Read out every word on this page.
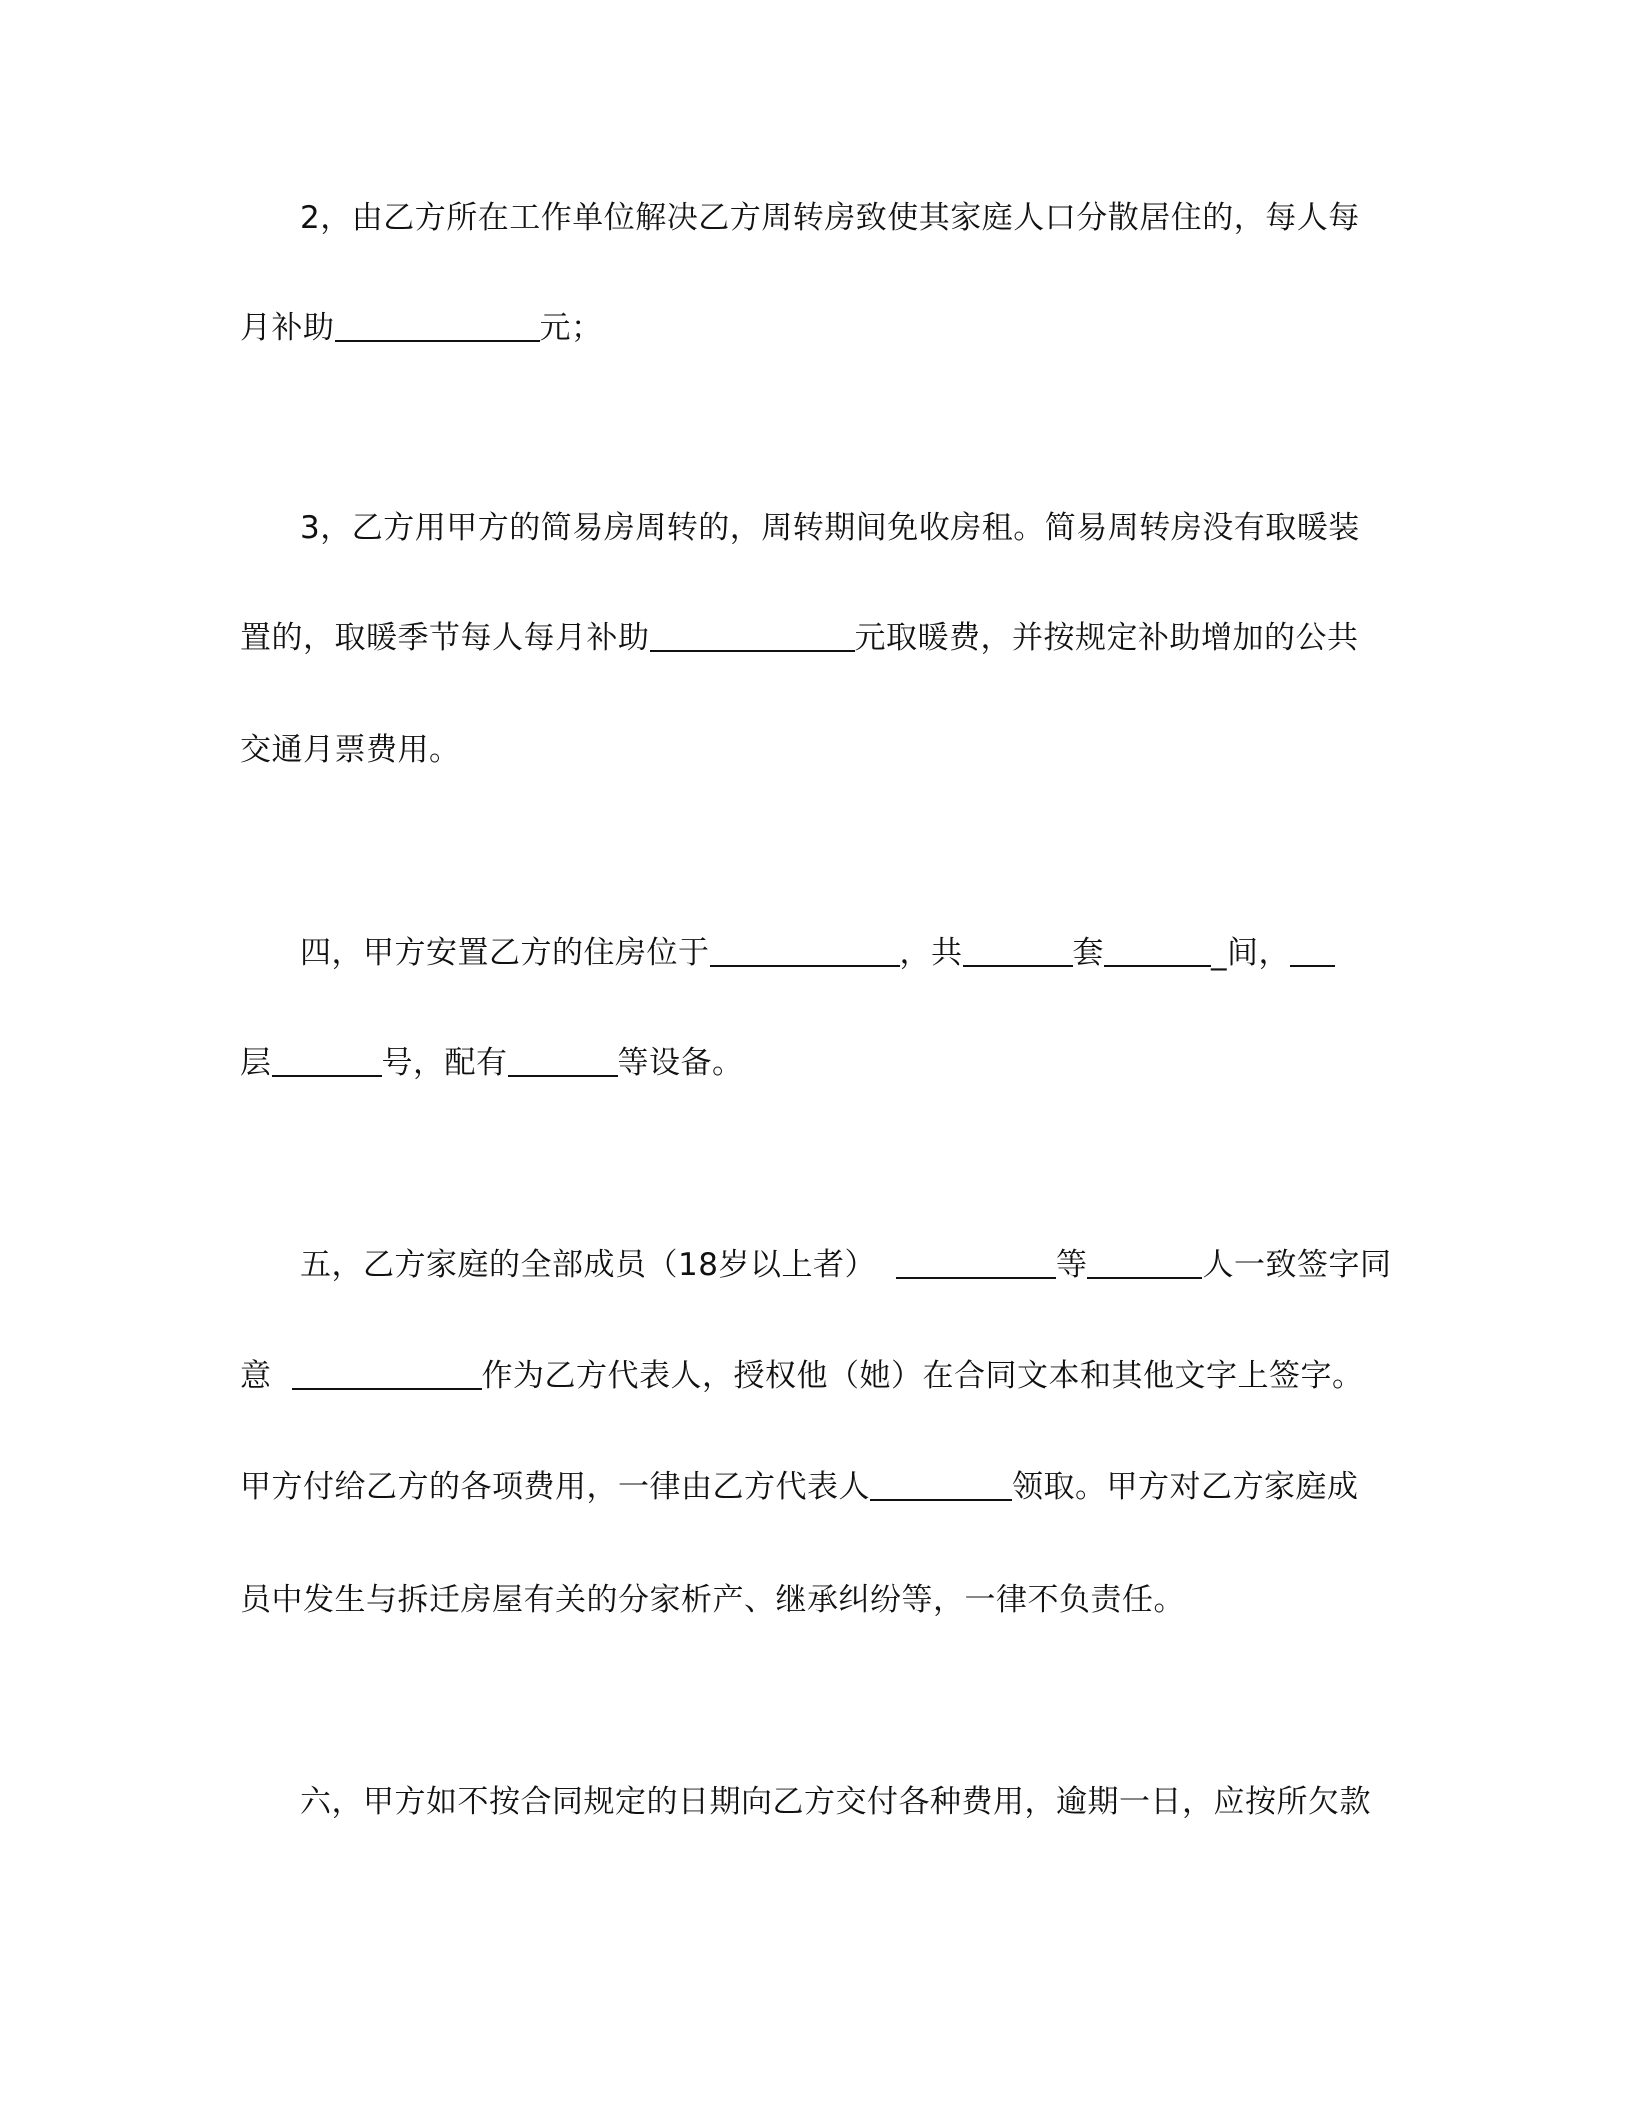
2，由乙方所在工作单位解决乙方周转房致使其家庭人口分散居住的，每人每
月补助	元；
3，乙方用甲方的简易房周转的，周转期间免收房租。简易周转房没有取暖装
置的，取暖季节每人每月补助	元取暖费，并按规定补助增加的公共
交通月票费用。
四，甲方安置乙方的住房位于	，共	套	_间，
层	号，配有	等设备。
五，乙方家庭的全部成员（18岁以上者）	等	人一致签字同
意	作为乙方代表人，授权他（她）在合同文本和其他文字上签字。
甲方付给乙方的各项费用，一律由乙方代表人	领取。甲方对乙方家庭成
员中发生与拆迁房屋有关的分家析产、继承纠纷等，一律不负责任。
六，甲方如不按合同规定的日期向乙方交付各种费用，逾期一日，应按所欠款
